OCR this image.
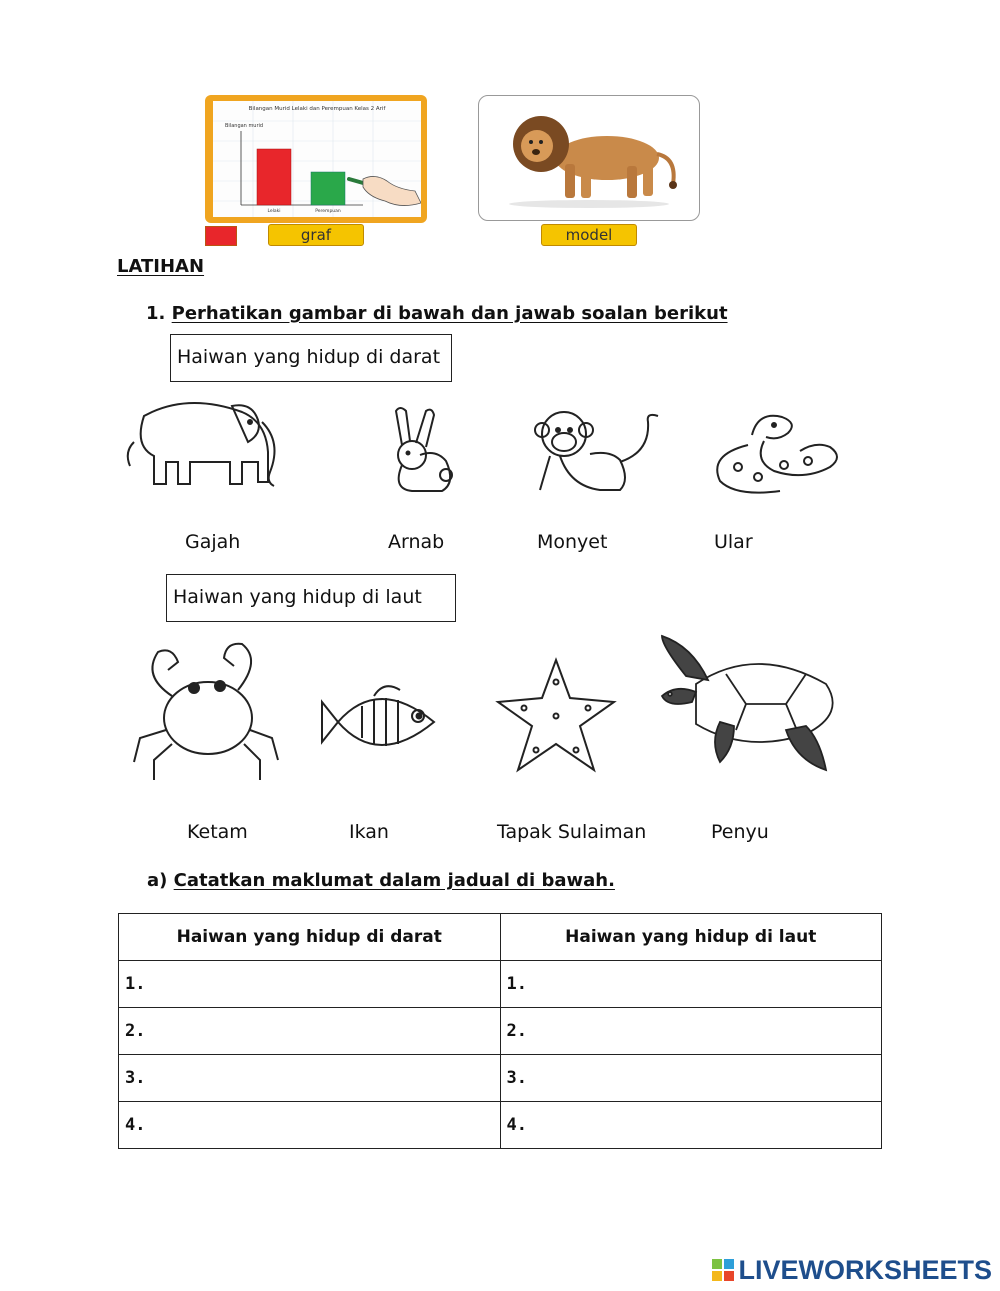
Bilangan Murid Lelaki dan Perempuan Kelas 2 Arif
Bilangan murid
Lelaki	Perempuan
graf	model
LATIHAN
1. Perhatikan gambar di bawah dan jawab soalan berikut
Haiwan yang hidup di darat
Gajah	Arnab	Monyet	Ular
Haiwan yang hidup di laut
Ketam	Ikan	Tapak Sulaiman	Penyu
a) Catatkan maklumat dalam jadual di bawah.
Haiwan yang hidup di darat	Haiwan yang hidup di laut
1.	1.
2.	2.
3.	3.
4.	4.
LIVEWORKSHEETS
